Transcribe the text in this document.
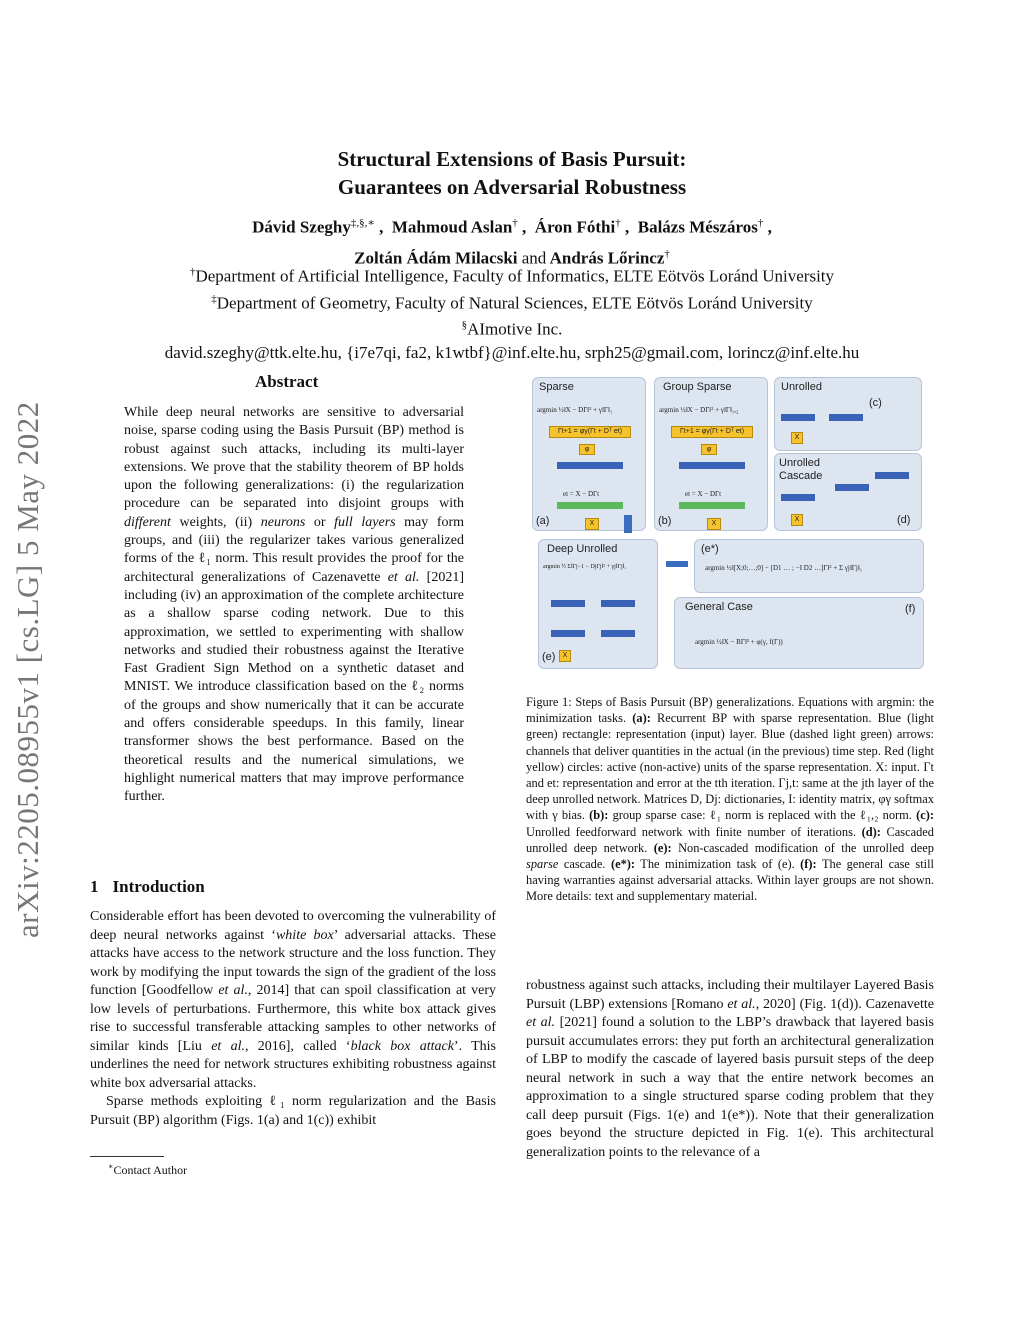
arXiv:2205.08955v1 [cs.LG] 5 May 2022
Structural Extensions of Basis Pursuit:
Guarantees on Adversarial Robustness
Dávid Szeghy‡,§,∗ ,  Mahmoud Aslan† ,  Áron Fóthi† ,  Balázs Mészáros† ,
Zoltán Ádám Milacski and András Lőrincz†
†Department of Artificial Intelligence, Faculty of Informatics, ELTE Eötvös Loránd University
‡Department of Geometry, Faculty of Natural Sciences, ELTE Eötvös Loránd University
§AImotive Inc.
david.szeghy@ttk.elte.hu, {i7e7qi, fa2, k1wtbf}@inf.elte.hu, srph25@gmail.com, lorincz@inf.elte.hu
Abstract
While deep neural networks are sensitive to adversarial noise, sparse coding using the Basis Pursuit (BP) method is robust against such attacks, including its multi-layer extensions. We prove that the stability theorem of BP holds upon the following generalizations: (i) the regularization procedure can be separated into disjoint groups with different weights, (ii) neurons or full layers may form groups, and (iii) the regularizer takes various generalized forms of the ℓ₁ norm. This result provides the proof for the architectural generalizations of Cazenavette et al. [2021] including (iv) an approximation of the complete architecture as a shallow sparse coding network. Due to this approximation, we settled to experimenting with shallow networks and studied their robustness against the Iterative Fast Gradient Sign Method on a synthetic dataset and MNIST. We introduce classification based on the ℓ₂ norms of the groups and show numerically that it can be accurate and offers considerable speedups. In this family, linear transformer shows the best performance. Based on the theoretical results and the numerical simulations, we highlight numerical matters that may improve performance further.
1 Introduction

Considerable effort has been devoted to overcoming the vulnerability of deep neural networks against ‘white box’ adversarial attacks. These attacks have access to the network structure and the loss function. They work by modifying the input towards the sign of the gradient of the loss function [Goodfellow et al., 2014] that can spoil classification at very low levels of perturbations. Furthermore, this white box attack gives rise to successful transferable attacking samples to other networks of similar kinds [Liu et al., 2016], called ‘black box attack’. This underlines the need for network structures exhibiting robustness against white box adversarial attacks.

Sparse methods exploiting ℓ₁ norm regularization and the Basis Pursuit (BP) algorithm (Figs. 1(a) and 1(c)) exhibit

∗Contact Author
Sparse
argmin ½‖X − DΓ‖² + γ‖Γ‖₁
Γt+1 = φγ(Γt + Dᵀ et)
φ
et = X − DΓt
X
(a)
Group Sparse
argmin ½‖X − DΓ‖² + γ‖Γ‖₁,₂
Γt+1 = φγ(Γt + Dᵀ et)
φ
et = X − DΓt
X
(b)
Unrolled
(c)
X
Unrolled Cascade
X	(d)
Deep Unrolled
argmin ½ Σ‖Γj−1 − DjΓj‖² + γj‖Γj‖₁
X
(e)
(e*)
argmin ½‖[X;0;…;0] − [D1 … ; −I D2 …]Γ‖² + Σ γj‖Γj‖₁
General Case	(f)
argmin ½‖X − BΓ‖² + φ(γ, f(Γ))
Figure 1: Steps of Basis Pursuit (BP) generalizations. Equations with argmin: the minimization tasks. (a): Recurrent BP with sparse representation. Blue (light green) rectangle: representation (input) layer. Blue (dashed light green) arrows: channels that deliver quantities in the actual (in the previous) time step. Red (light yellow) circles: active (non-active) units of the sparse representation. X: input. Γt and et: representation and error at the tth iteration. Γj,t: same at the jth layer of the deep unrolled network. Matrices D, Dj: dictionaries, I: identity matrix, φγ softmax with γ bias. (b): group sparse case: ℓ₁ norm is replaced with the ℓ₁,₂ norm. (c): Unrolled feedforward network with finite number of iterations. (d): Cascaded unrolled deep network. (e): Non-cascaded modification of the unrolled deep sparse cascade. (e*): The minimization task of (e). (f): The general case still having warranties against adversarial attacks. Within layer groups are not shown. More details: text and supplementary material.
robustness against such attacks, including their multilayer Layered Basis Pursuit (LBP) extensions [Romano et al., 2020] (Fig. 1(d)). Cazenavette et al. [2021] found a solution to the LBP’s drawback that layered basis pursuit accumulates errors: they put forth an architectural generalization of LBP to modify the cascade of layered basis pursuit steps of the deep neural network in such a way that the entire network becomes an approximation to a single structured sparse coding problem that they call deep pursuit (Figs. 1(e) and 1(e*)). Note that their generalization goes beyond the structure depicted in Fig. 1(e). This architectural generalization points to the relevance of a
